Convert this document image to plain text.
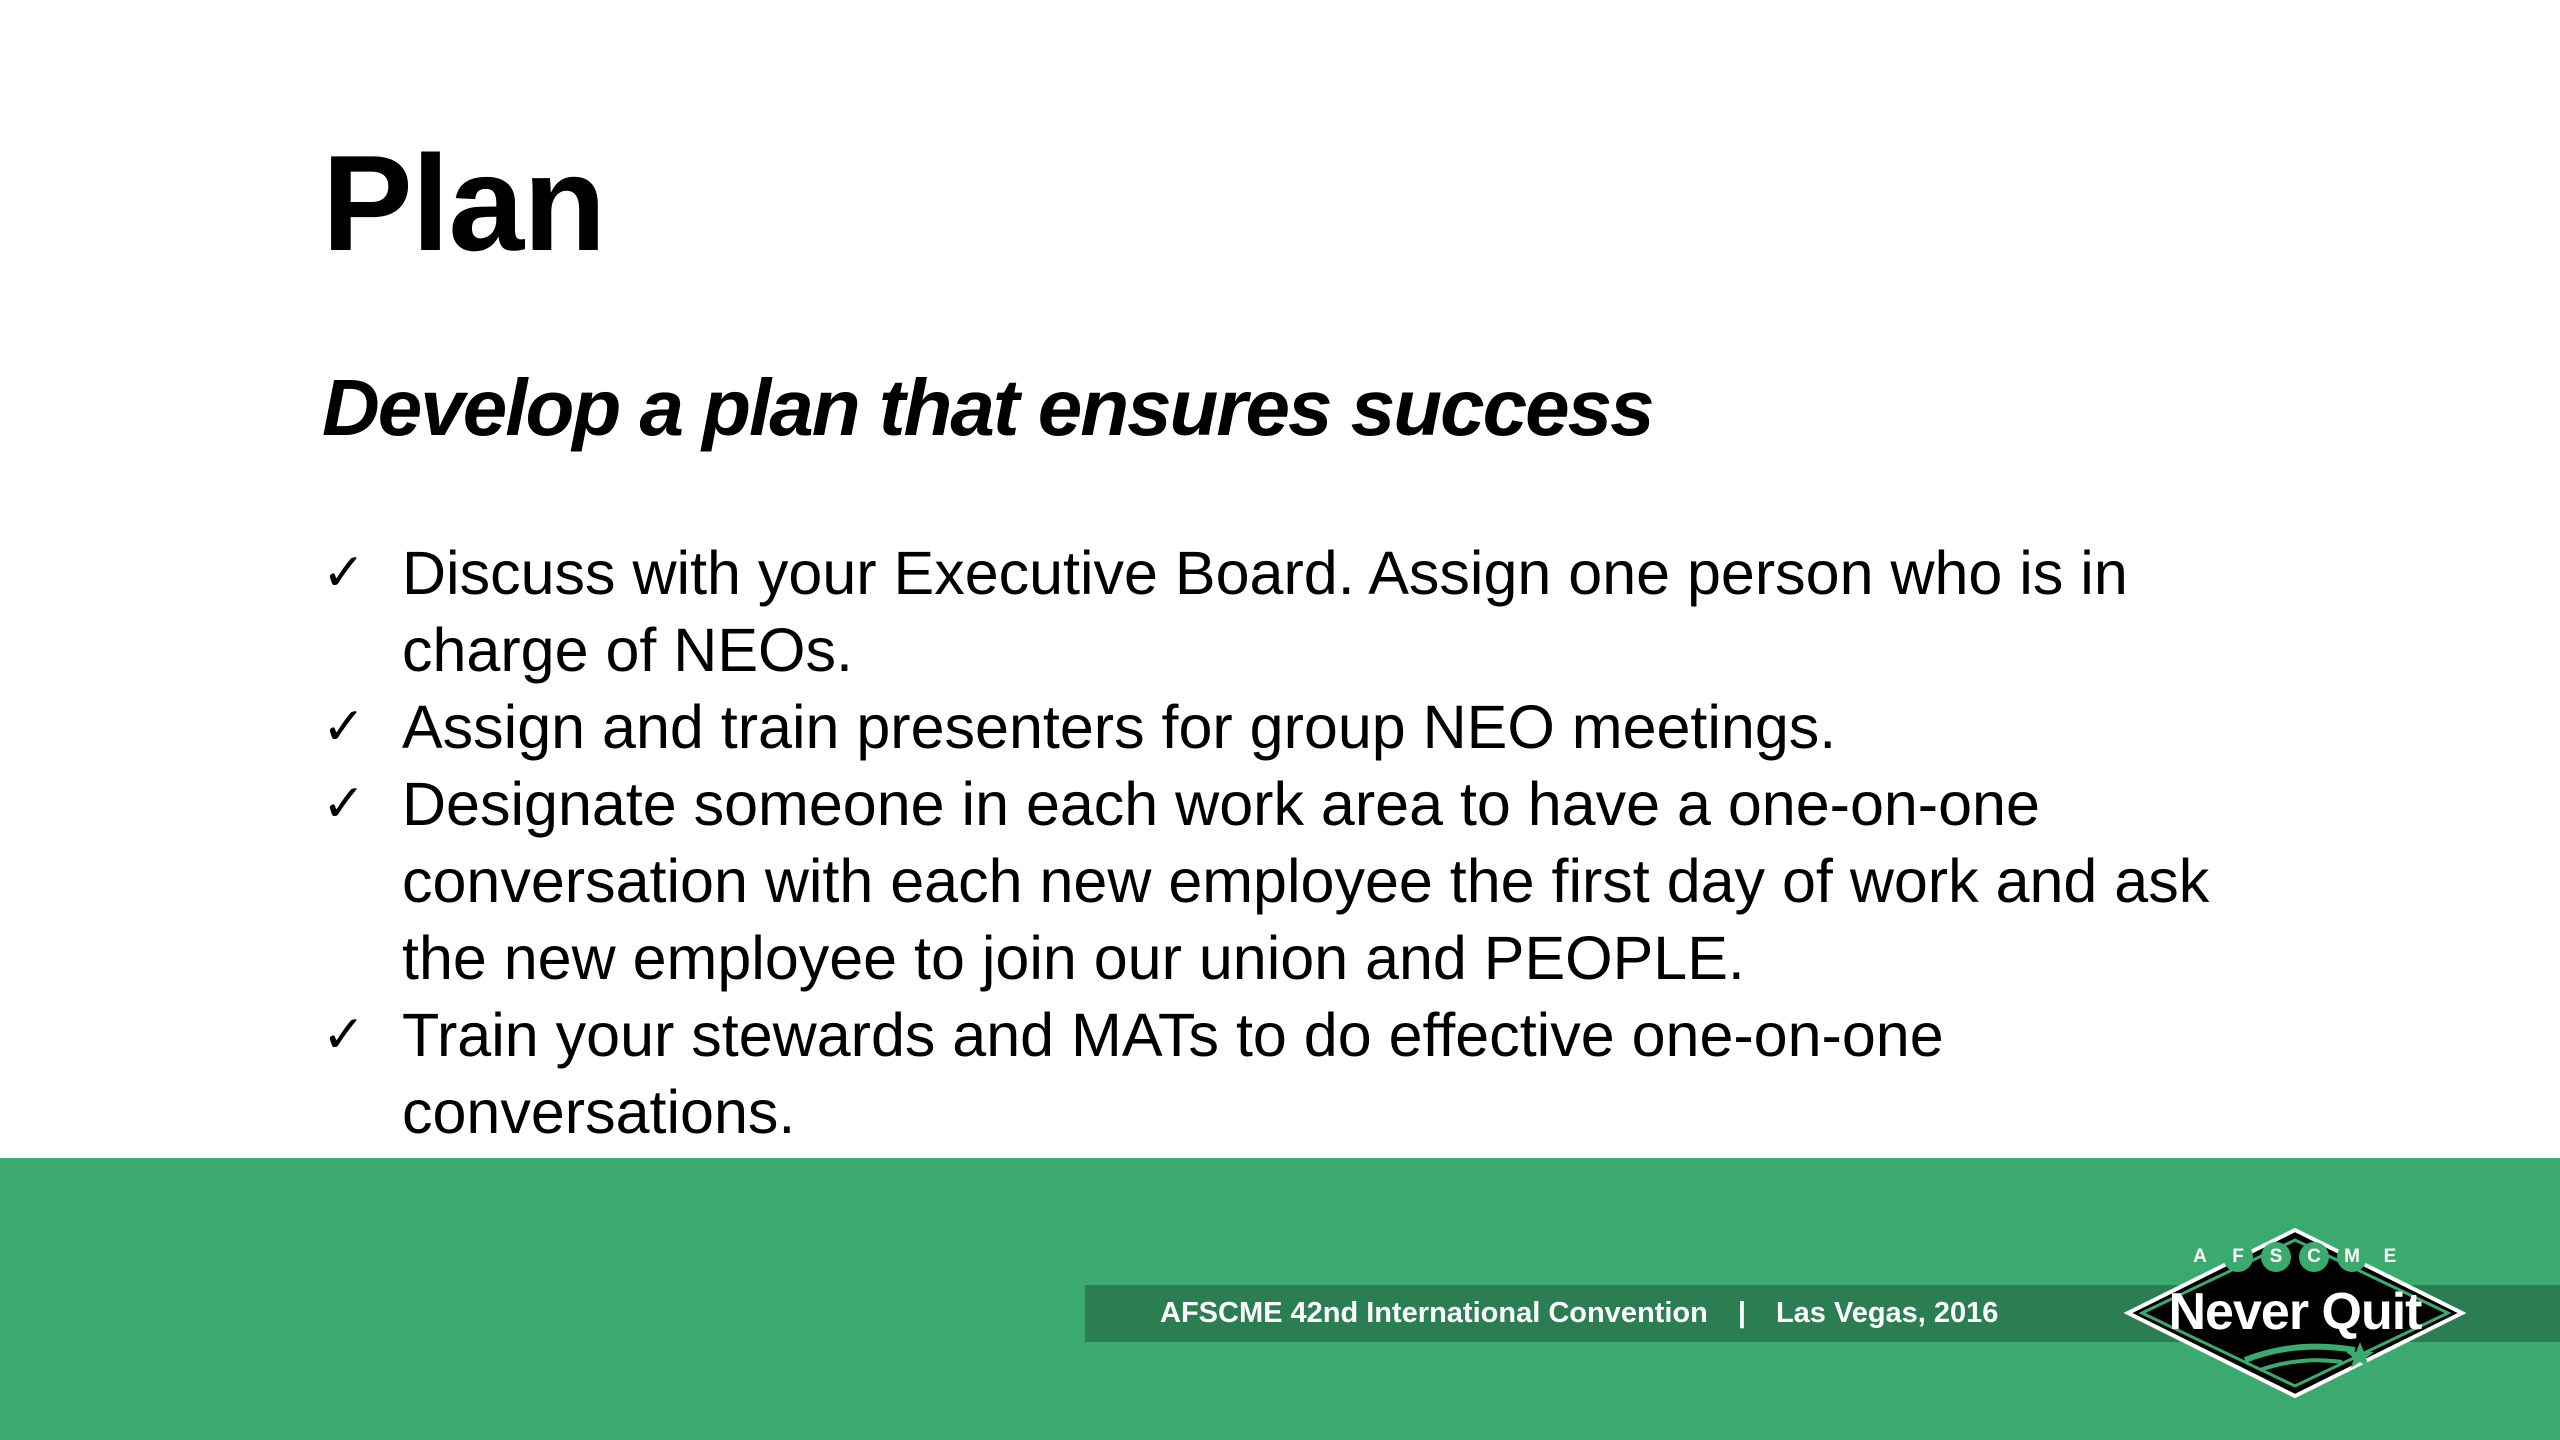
Plan
Develop a plan that ensures success
✓ Discuss with your Executive Board. Assign one person who is in charge of NEOs.
✓ Assign and train presenters for group NEO meetings.
✓ Designate someone in each work area to have a one-on-one conversation with each new employee the first day of work and ask the new employee to join our union and PEOPLE.
✓ Train your stewards and MATs to do effective one-on-one conversations.
AFSCME 42nd International Convention | Las Vegas, 2016
A F S C M E
Never Quit
